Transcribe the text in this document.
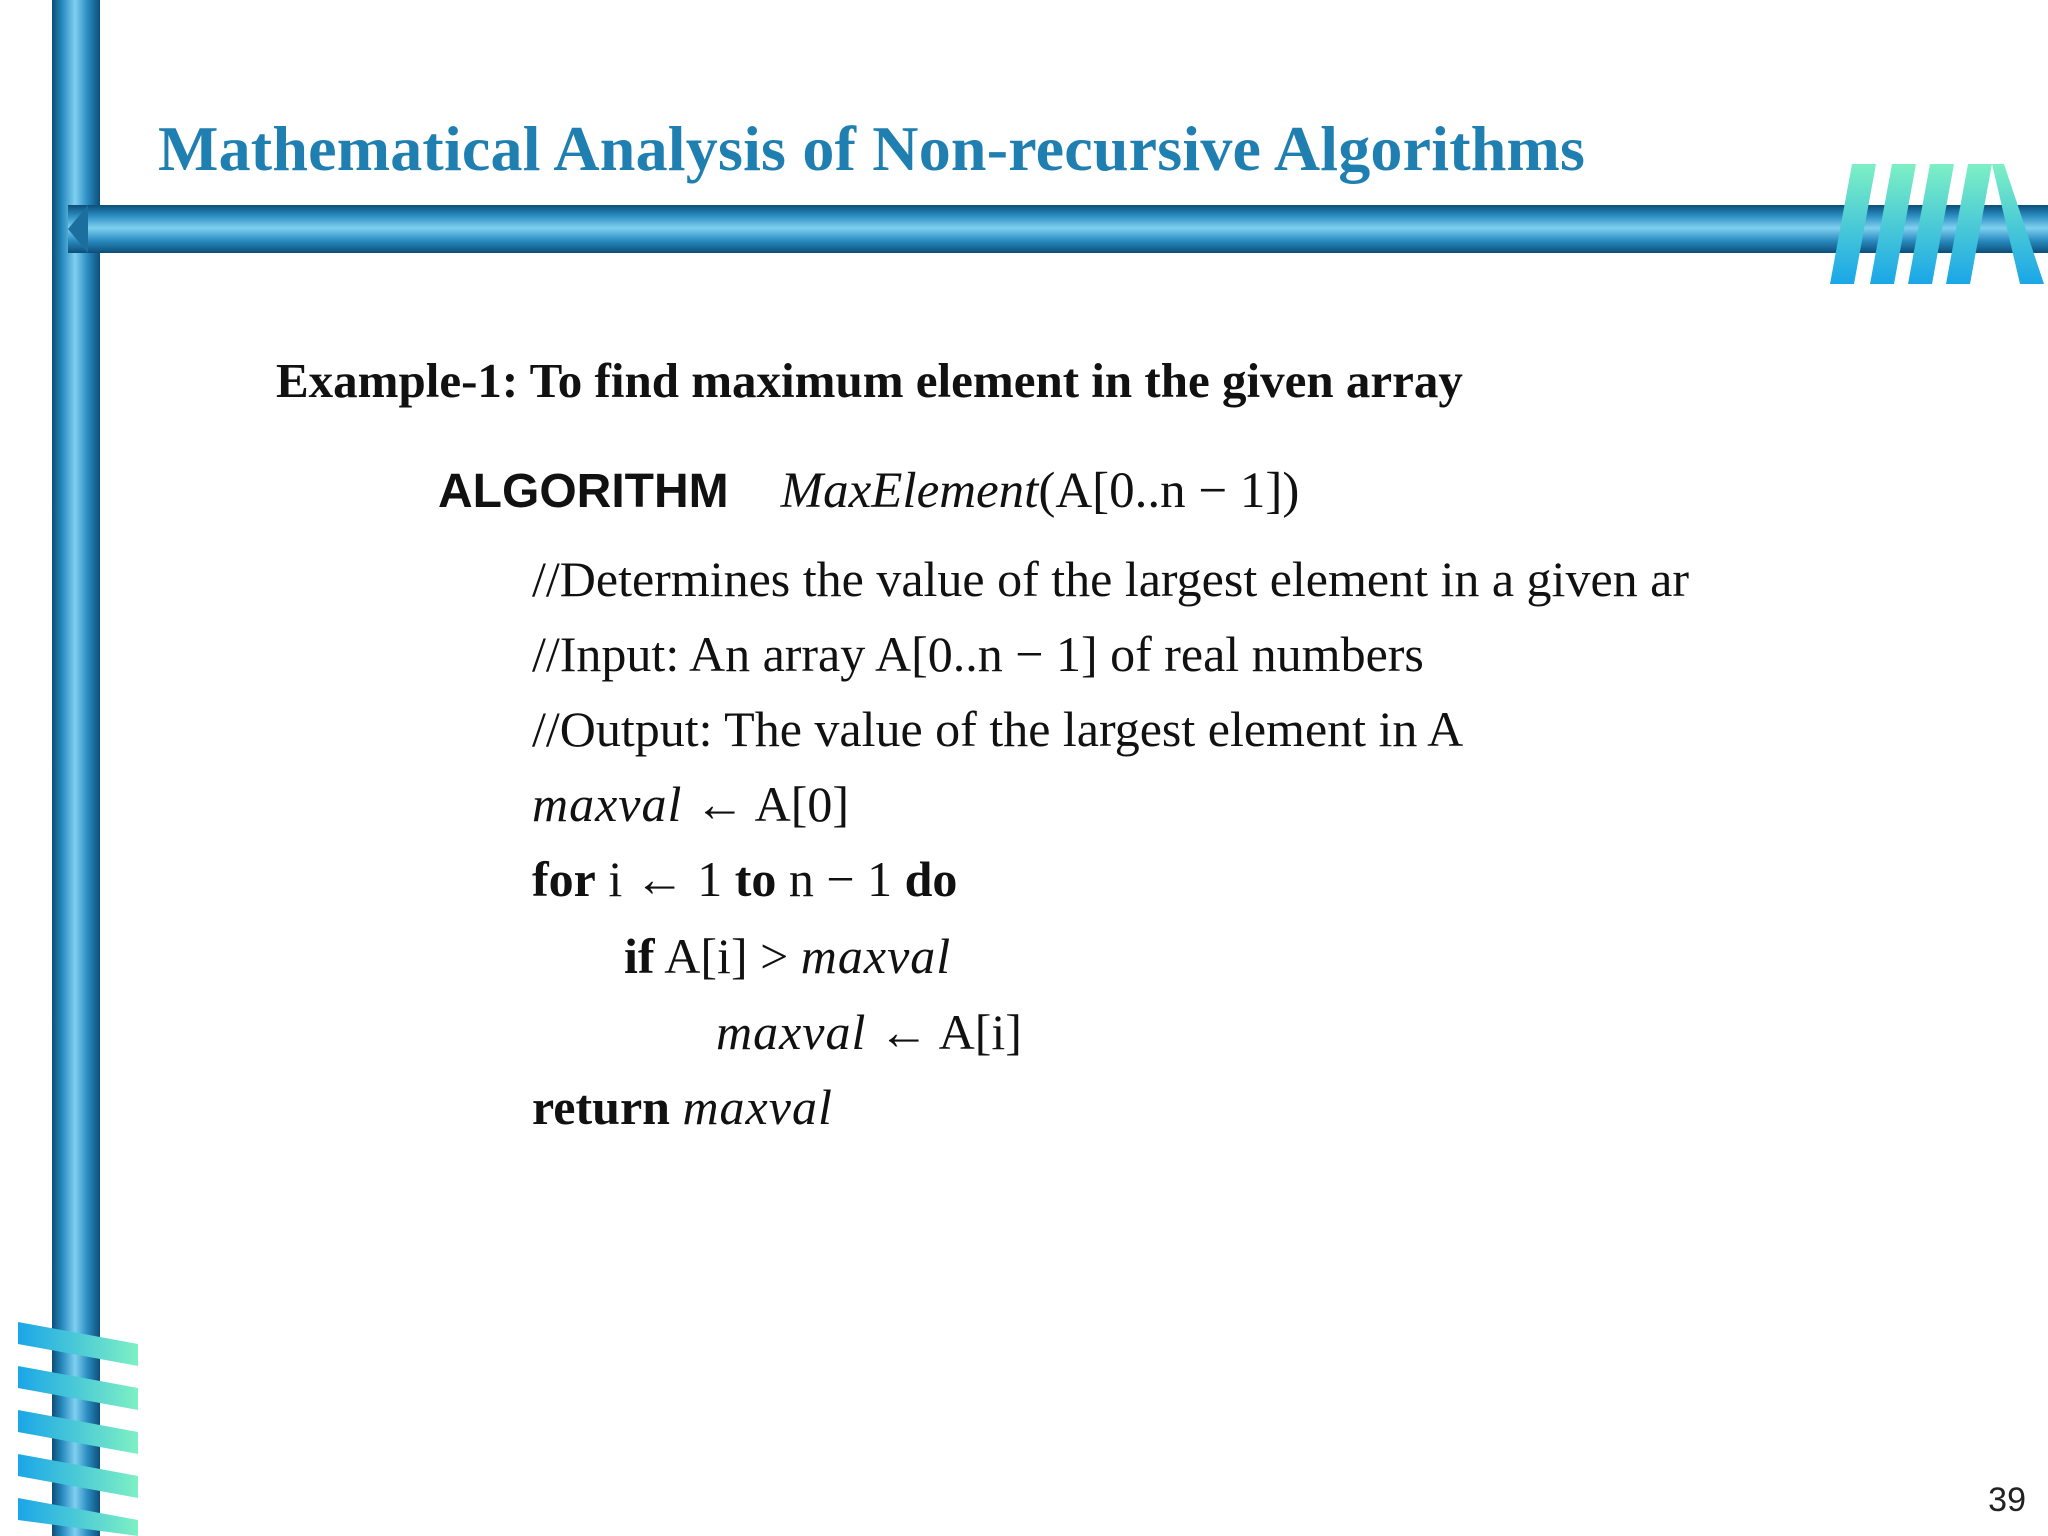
Mathematical Analysis of Non-recursive Algorithms
Example-1: To find maximum element in the given array
ALGORITHM MaxElement(A[0..n − 1])
//Determines the value of the largest element in a given ar
//Input: An array A[0..n − 1] of real numbers
//Output: The value of the largest element in A
maxval ← A[0]
for i ← 1 to n − 1 do
if A[i] > maxval
maxval ← A[i]
return maxval
39
